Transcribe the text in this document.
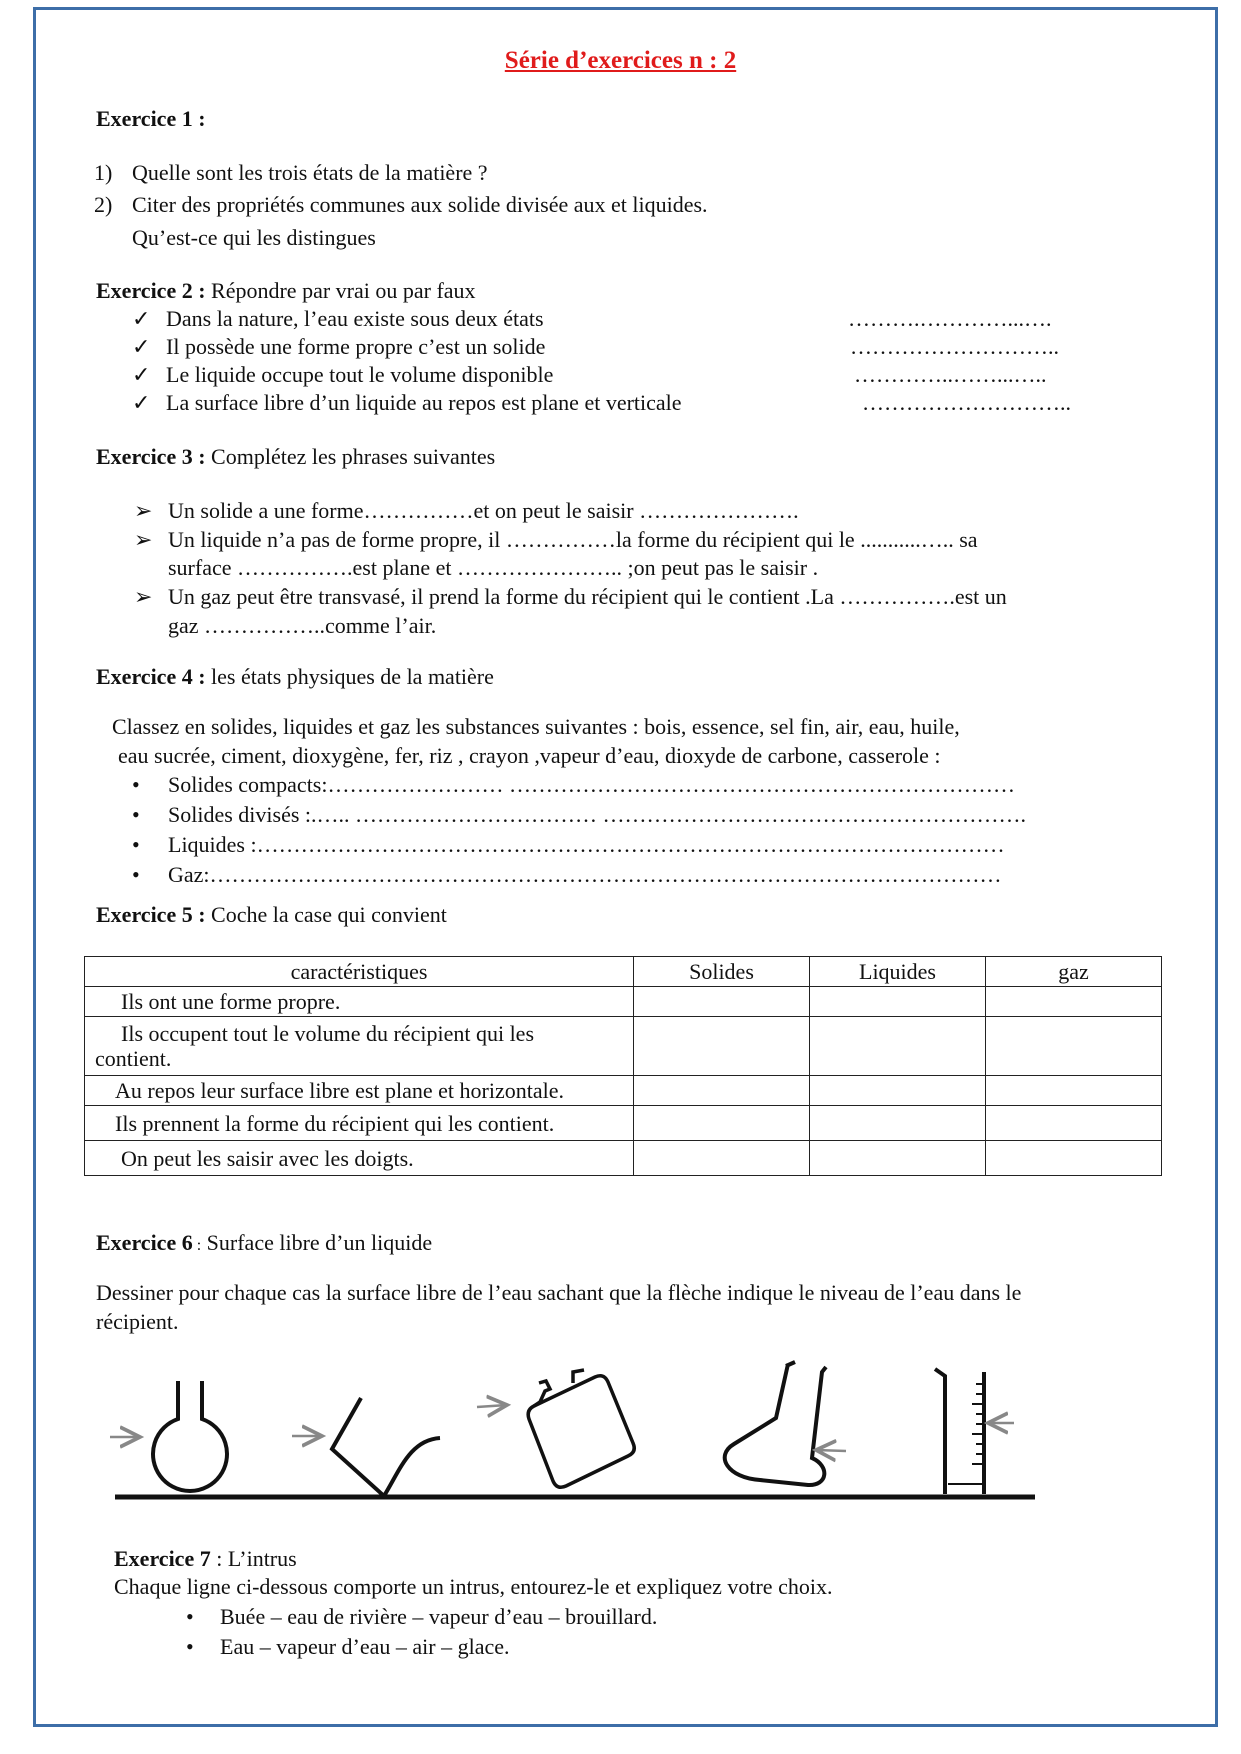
Série d’exercices n : 2
Exercice 1 :
1) Quelle sont les trois états de la matière ?
2) Citer des propriétés communes aux solide divisée aux et liquides.
Qu’est-ce qui les distingues
Exercice 2 : Répondre par vrai ou par faux
✓ Dans la nature, l’eau existe sous deux états	……….…………...….
✓ Il possède une forme propre c’est un solide	………………………..
✓ Le liquide occupe tout le volume disponible	…………..……...…..
✓ La surface libre d’un liquide au repos est plane et verticale	………………………..
Exercice 3 : Complétez les phrases suivantes
➢ Un solide a une forme……………et on peut le saisir ………………….
➢ Un liquide n’a pas de forme propre, il ……………la forme du récipient qui le ...........….. sa
surface …………….est plane et ………………….. ;on peut pas le saisir .
➢ Un gaz peut être transvasé, il prend la forme du récipient qui le contient .La …………….est un
gaz ……………..comme l’air.
Exercice 4 : les états physiques de la matière
Classez en solides, liquides et gaz les substances suivantes : bois, essence, sel fin, air, eau, huile,
eau sucrée, ciment, dioxygène, fer, riz , crayon ,vapeur d’eau, dioxyde de carbone, casserole :
• Solides compacts:…………………… ……………………………………………………………
• Solides divisés :.….. …………………………… ………………………………………………….
• Liquides :…………………………………………………………………………………………
• Gaz:………………………………………………………………………………………………
Exercice 5 : Coche la case qui convient
caractéristiques	Solides	Liquides	gaz
Ils ont une forme propre.			

Ils occupent tout le volume du récipient qui les
contient.			

Au repos leur surface libre est plane et horizontale.			
Ils prennent la forme du récipient qui les contient.			
On peut les saisir avec les doigts.			
Exercice 6 : Surface libre d’un liquide
Dessiner pour chaque cas la surface libre de l’eau sachant que la flèche indique le niveau de l’eau dans le
récipient.
Exercice 7 : L’intrus
Chaque ligne ci-dessous comporte un intrus, entourez-le et expliquez votre choix.
• Buée – eau de rivière – vapeur d’eau – brouillard.
• Eau – vapeur d’eau – air – glace.
